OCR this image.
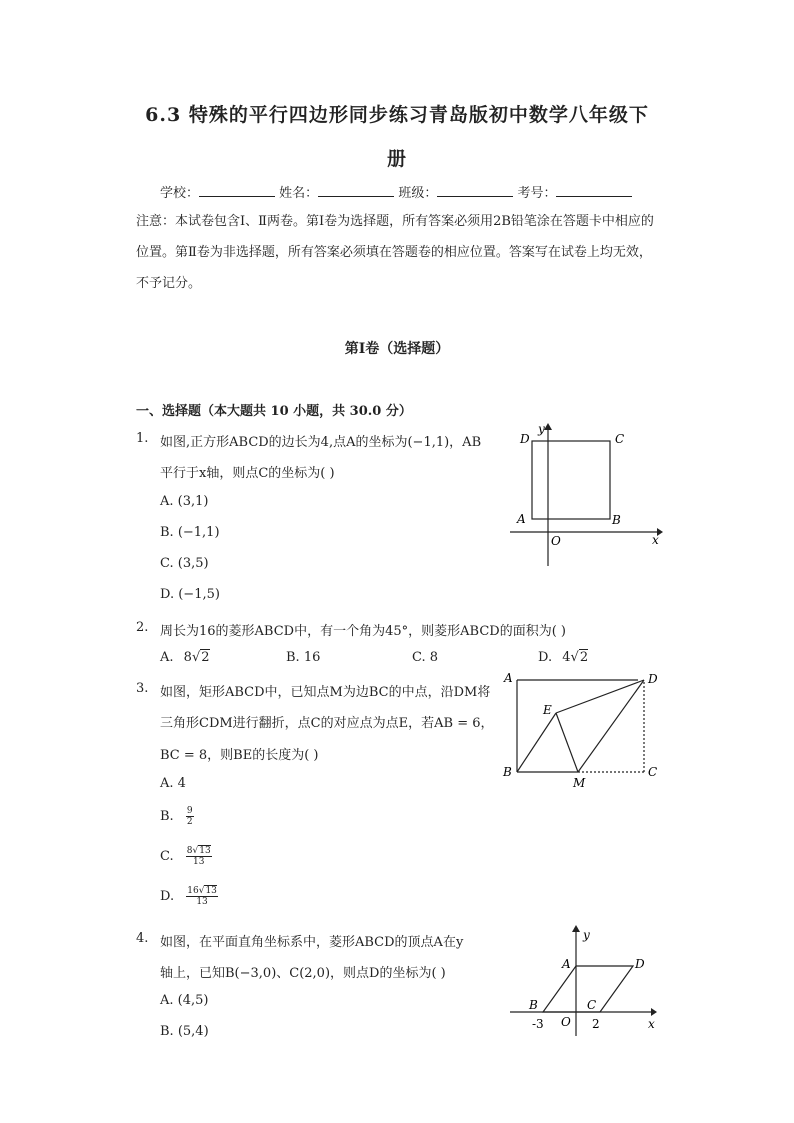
6.3 特殊的平行四边形同步练习青岛版初中数学八年级下
册
学校：	姓名：	班级：	考号：
注意：本试卷包含Ⅰ、Ⅱ两卷。第Ⅰ卷为选择题，所有答案必须用2B铅笔涂在答题卡中相应的位置。第Ⅱ卷为非选择题，所有答案必须填在答题卷的相应位置。答案写在试卷上均无效，不予记分。
第Ⅰ卷（选择题）
一、选择题（本大题共 10 小题，共 30.0 分）
1. 如图,正方形ABCD的边长为4,点A的坐标为(−1,1)，AB
平行于x轴，则点C的坐标为( )
A. (3,1)
B. (−1,1)
C. (3,5)
D. (−1,5)
D	C
A	B
O	x
y
2. 周长为16的菱形ABCD中，有一个角为45°，则菱形ABCD的面积为( )
A. 8√2	B. 16	C. 8	D. 4√2
3. 如图，矩形ABCD中，已知点M为边BC的中点，沿DM将
三角形CDM进行翻折，点C的对应点为点E，若AB = 6，
BC = 8，则BE的长度为( )
A. 4
B. $\frac{9}{2}$
C. $\frac{8√13}{13}$
D. $\frac{16√13}{13}$
A	D
E
B
M
C
4. 如图，在平面直角坐标系中，菱形ABCD的顶点A在y
轴上，已知B(−3,0)、C(2,0)，则点D的坐标为( )
A. (4,5)
B. (5,4)
y
A	D
B	C
-3 O 2	x
